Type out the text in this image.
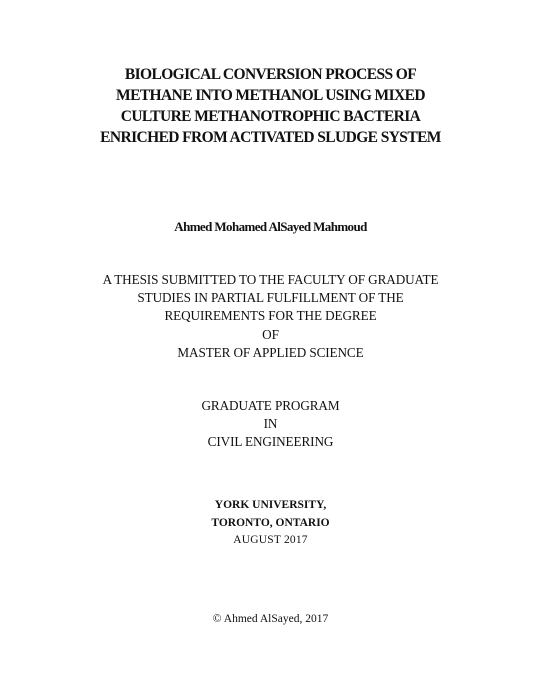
BIOLOGICAL CONVERSION PROCESS OF
METHANE INTO METHANOL USING MIXED
CULTURE METHANOTROPHIC BACTERIA
ENRICHED FROM ACTIVATED SLUDGE SYSTEM
Ahmed Mohamed AlSayed Mahmoud
A THESIS SUBMITTED TO THE FACULTY OF GRADUATE
STUDIES IN PARTIAL FULFILLMENT OF THE
REQUIREMENTS FOR THE DEGREE
OF
MASTER OF APPLIED SCIENCE
GRADUATE PROGRAM
IN
CIVIL ENGINEERING
YORK UNIVERSITY,
TORONTO, ONTARIO
AUGUST 2017
© Ahmed AlSayed, 2017
